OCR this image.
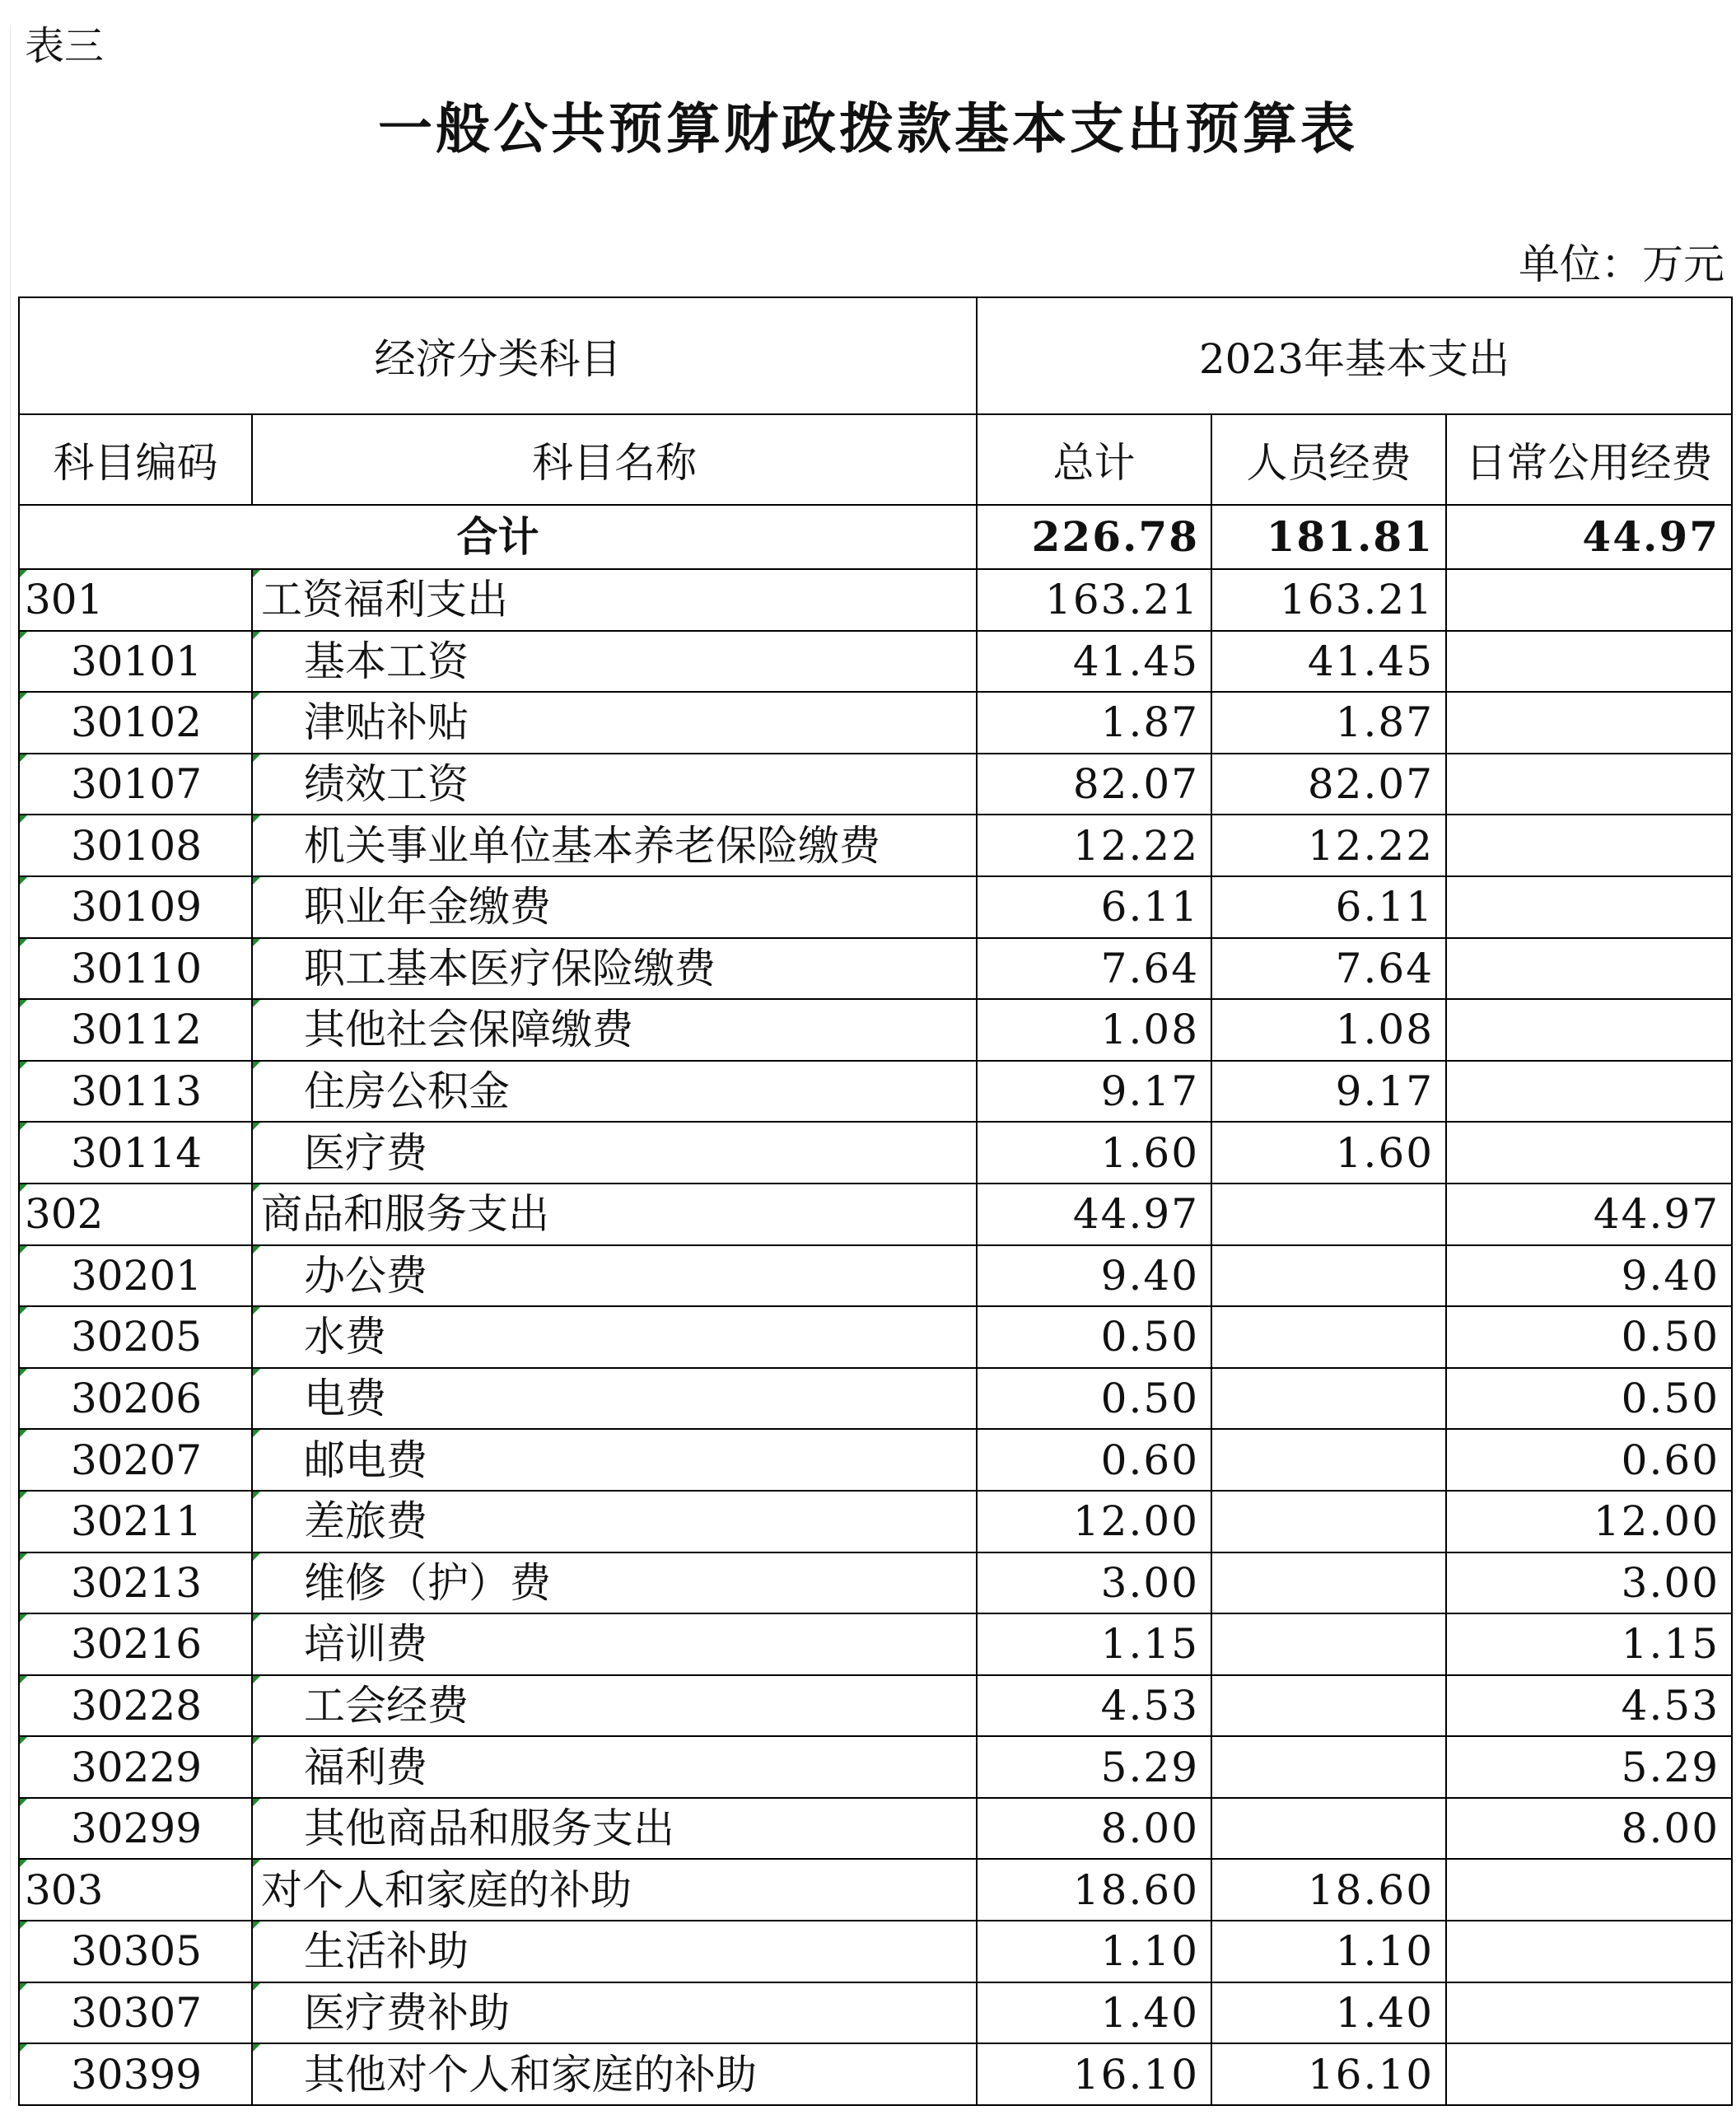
表三
一般公共预算财政拨款基本支出预算表
单位：万元
经济分类科目		2023年基本支出		
科目编码	科目名称	总计	人员经费	日常公用经费
合计		226.78	181.81	44.97

301	工资福利支出	163.21	163.21	

30101	基本工资	41.45	41.45	

30102	津贴补贴	1.87	1.87	

30107	绩效工资	82.07	82.07	

30108	机关事业单位基本养老保险缴费	12.22	12.22	

30109	职业年金缴费	6.11	6.11	

30110	职工基本医疗保险缴费	7.64	7.64	

30112	其他社会保障缴费	1.08	1.08	

30113	住房公积金	9.17	9.17	

30114	医疗费	1.60	1.60	

302	商品和服务支出	44.97		44.97

30201	办公费	9.40		9.40

30205	水费	0.50		0.50

30206	电费	0.50		0.50

30207	邮电费	0.60		0.60

30211	差旅费	12.00		12.00

30213	维修（护）费	3.00		3.00

30216	培训费	1.15		1.15

30228	工会经费	4.53		4.53

30229	福利费	5.29		5.29

30299	其他商品和服务支出	8.00		8.00

303	对个人和家庭的补助	18.60	18.60	

30305	生活补助	1.10	1.10	

30307	医疗费补助	1.40	1.40	

30399	其他对个人和家庭的补助	16.10	16.10	
